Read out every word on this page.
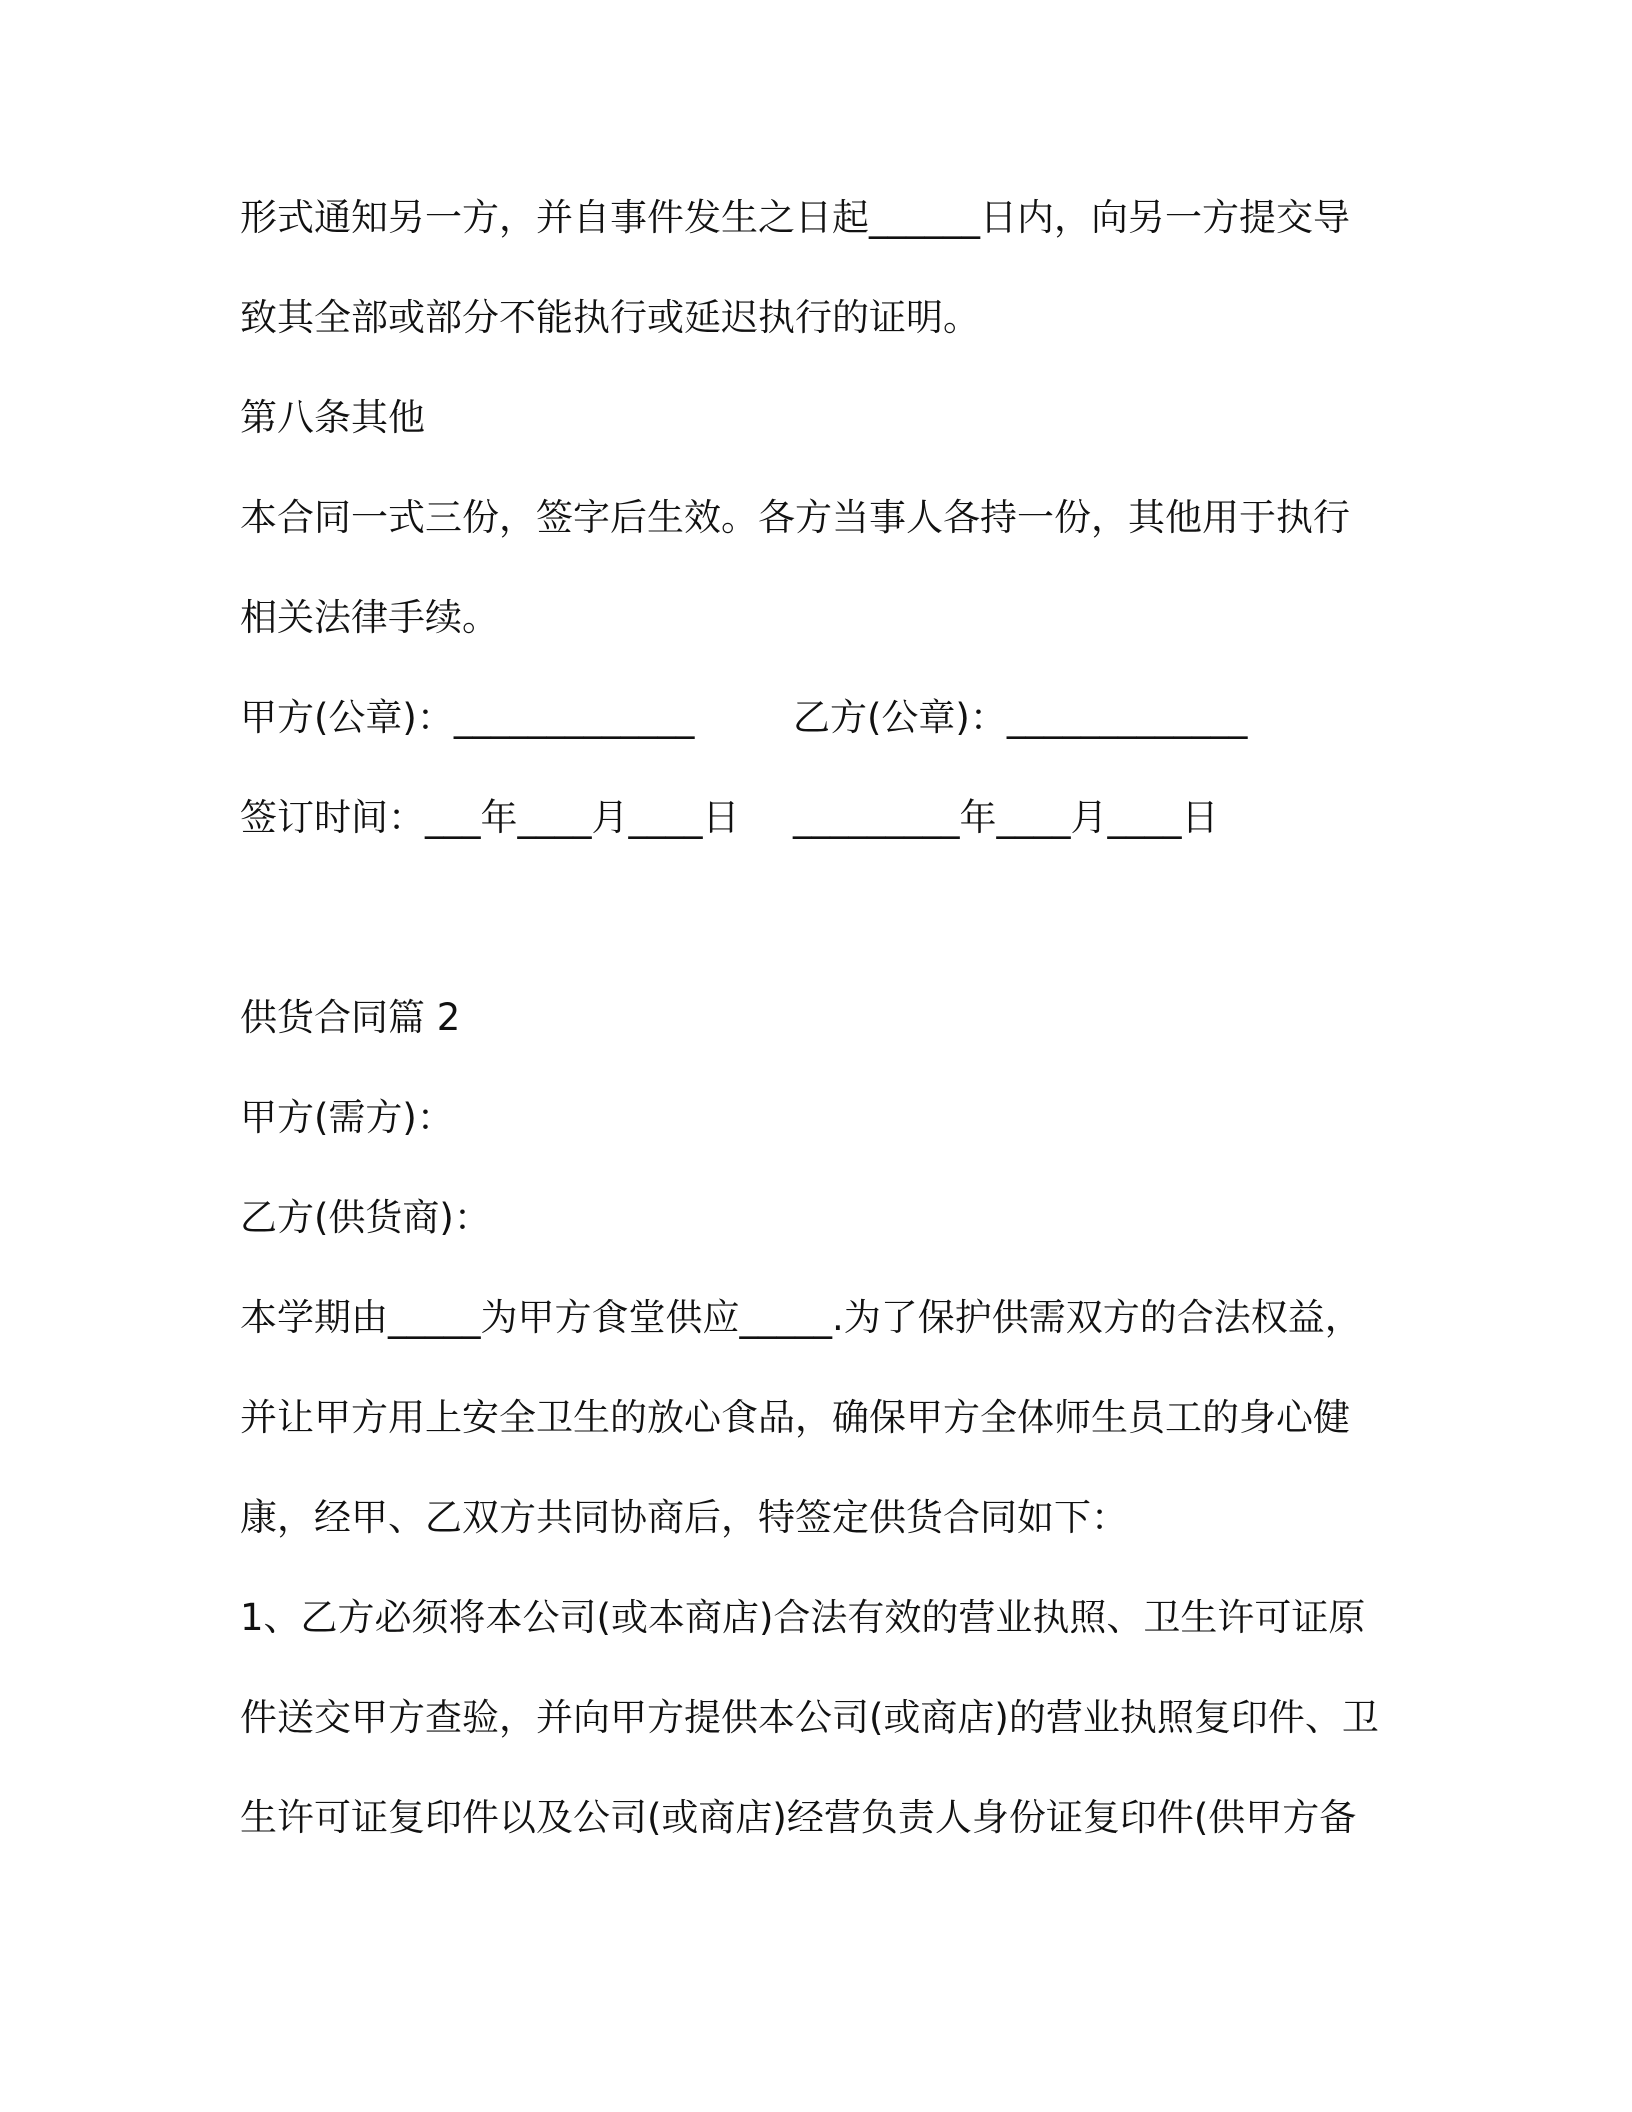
形式通知另一方，并自事件发生之日起______日内，向另一方提交导
致其全部或部分不能执行或延迟执行的证明。
第八条其他
本合同一式三份，签字后生效。各方当事人各持一份，其他用于执行
相关法律手续。
甲方(公章)：_____________	乙方(公章)：_____________
签订时间：___年____月____日 _________年____月____日
供货合同篇 2
甲方(需方)：
乙方(供货商)：
本学期由_____为甲方食堂供应_____.为了保护供需双方的合法权益，
并让甲方用上安全卫生的放心食品，确保甲方全体师生员工的身心健
康，经甲、乙双方共同协商后，特签定供货合同如下：
1、乙方必须将本公司(或本商店)合法有效的营业执照、卫生许可证原
件送交甲方查验，并向甲方提供本公司(或商店)的营业执照复印件、卫
生许可证复印件以及公司(或商店)经营负责人身份证复印件(供甲方备
